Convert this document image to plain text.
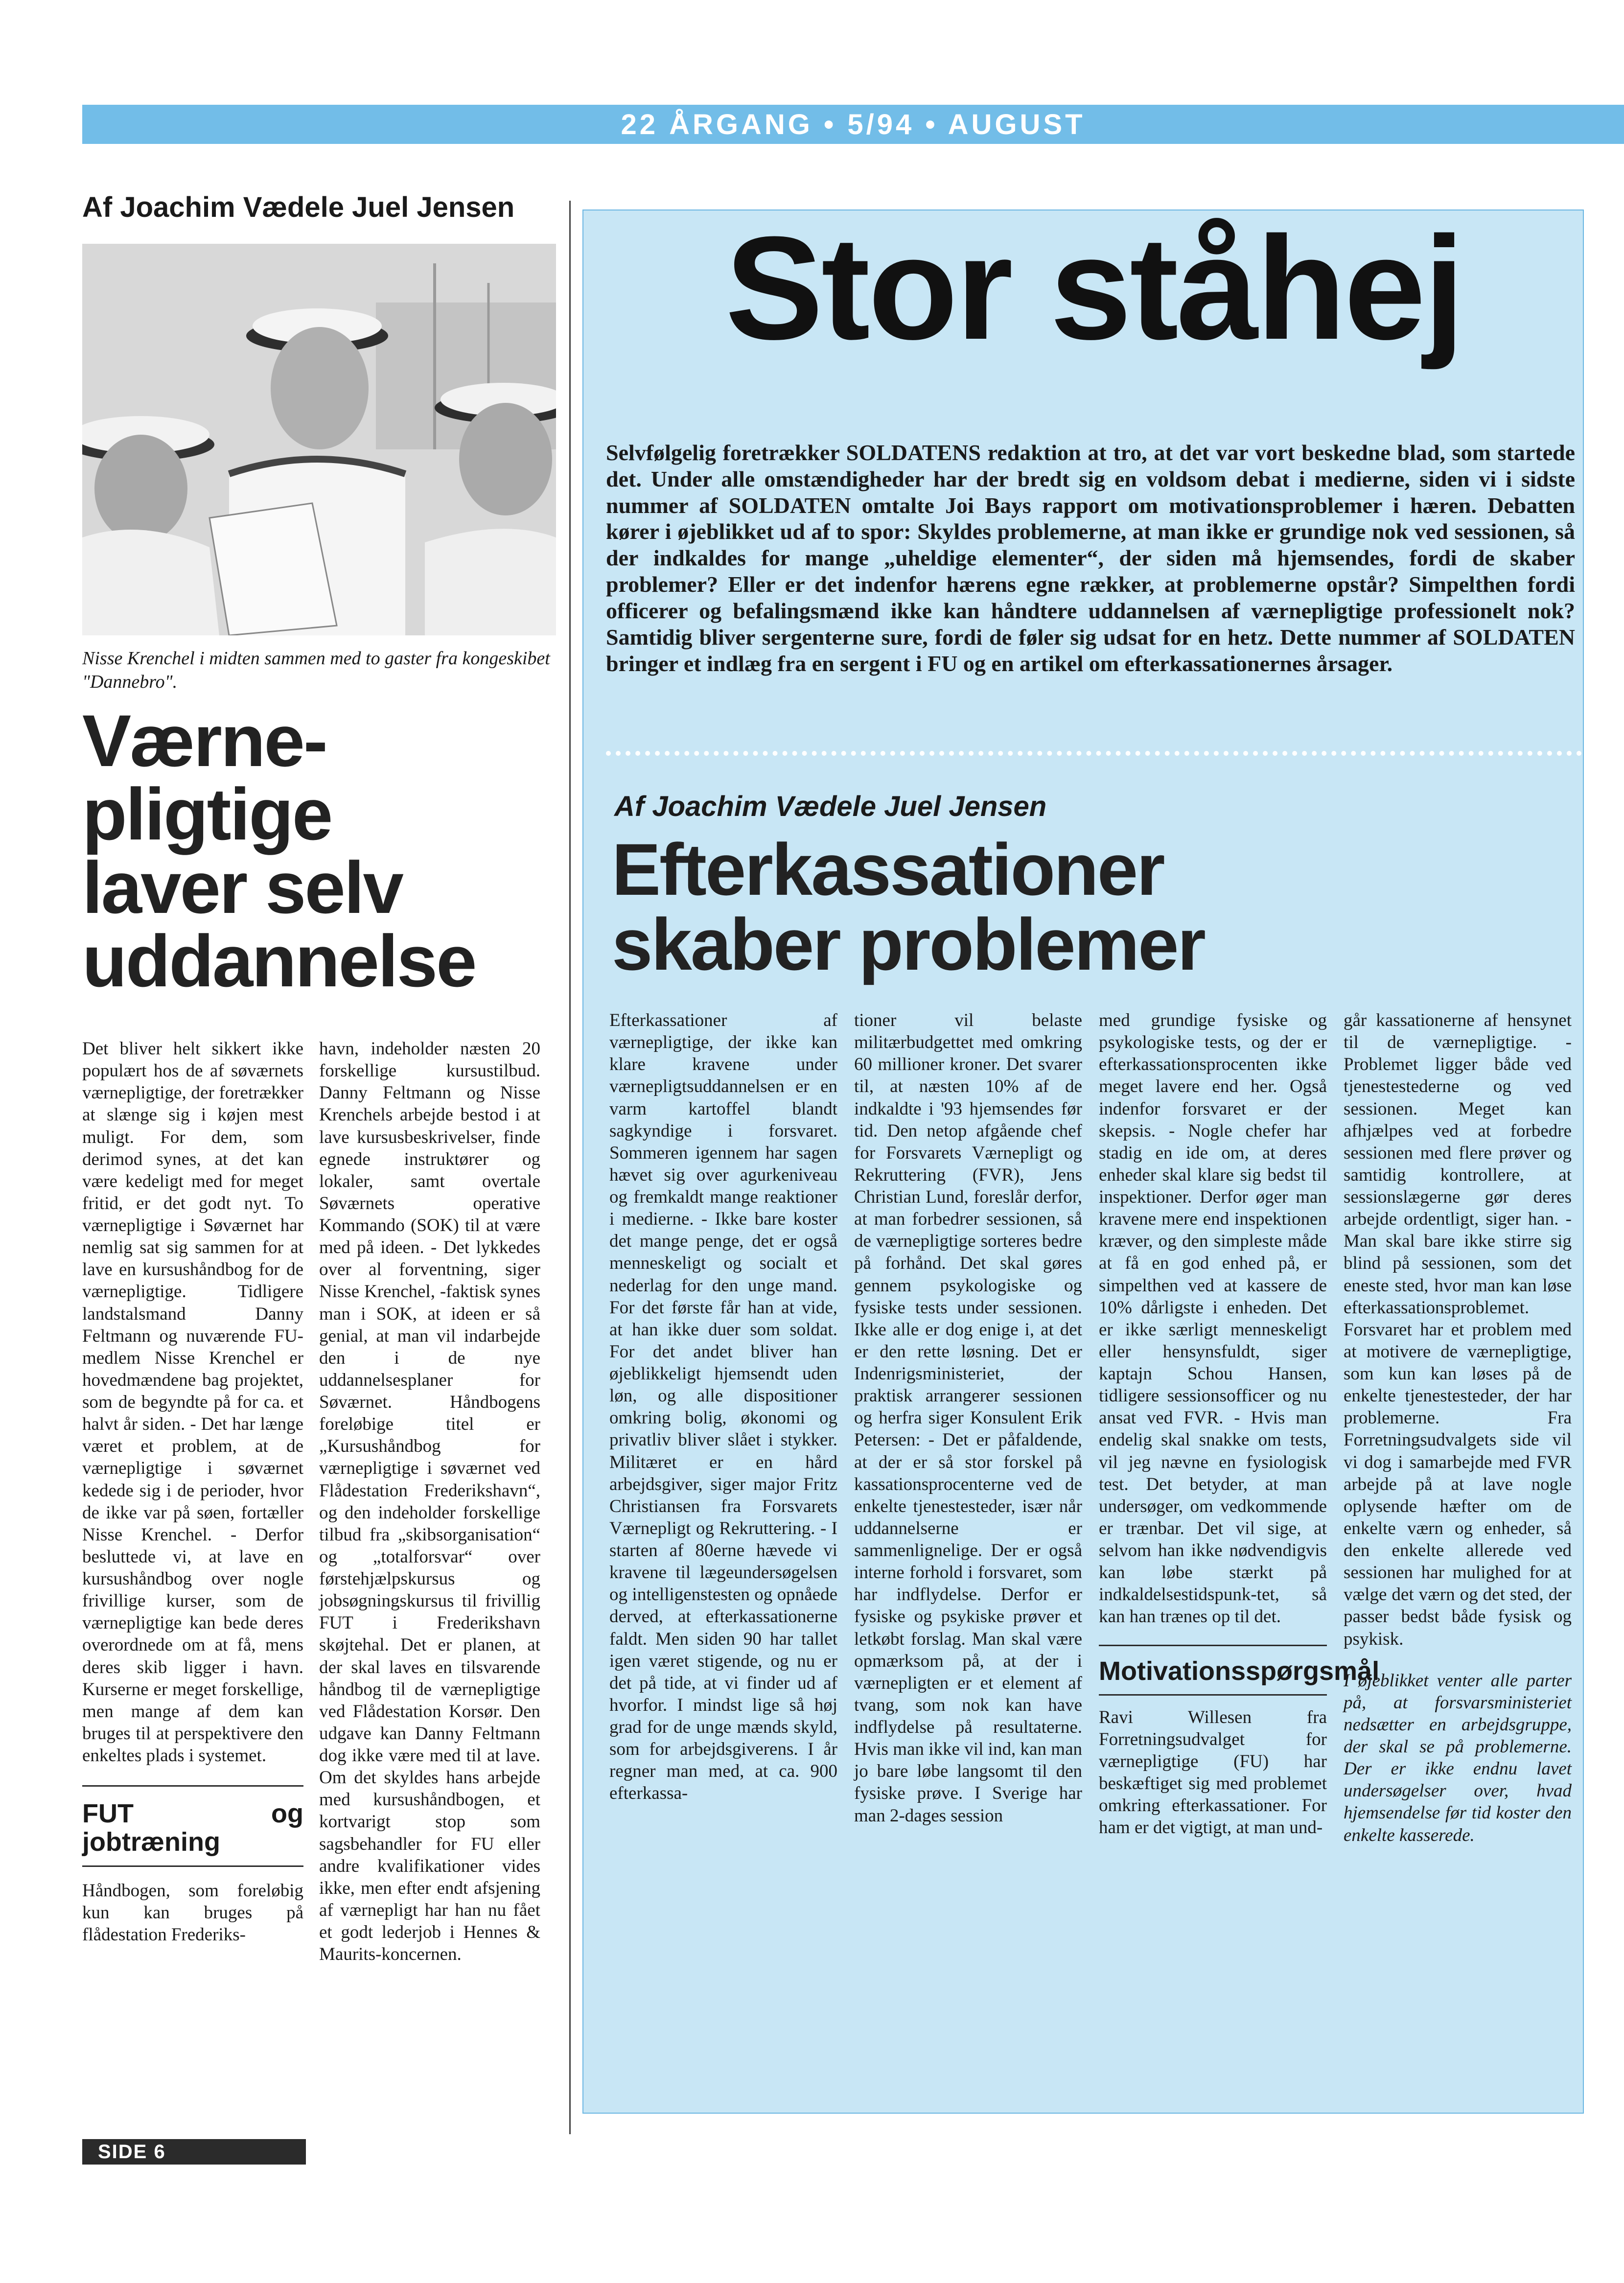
22 ÅRGANG • 5/94 • AUGUST
Af Joachim Vædele Juel Jensen
Nisse Krenchel i midten sammen med to gaster fra kongeskibet "Dannebro".
Værne-
pligtige
laver selv
uddannelse

Det bliver helt sikkert ikke populært hos de af søværnets værnepligtige, der foretrækker at slænge sig i køjen mest muligt. For dem, som derimod synes, at det kan være kedeligt med for meget fritid, er det godt nyt. To værnepligtige i Søværnet har nemlig sat sig sammen for at lave en kursushåndbog for de værnepligtige. Tidligere landstalsmand Danny Feltmann og nuværende FU-medlem Nisse Krenchel er hovedmændene bag projektet, som de begyndte på for ca. et halvt år siden. - Det har længe været et problem, at de værnepligtige i søværnet kedede sig i de perioder, hvor de ikke var på søen, fortæller Nisse Krenchel. - Derfor besluttede vi, at lave en kursushåndbog over nogle frivillige kurser, som de værnepligtige kan bede deres overordnede om at få, mens deres skib ligger i havn. Kurserne er meget forskellige, men mange af dem kan bruges til at perspektivere den enkeltes plads i systemet.

FUT og jobtræning

Håndbogen, som foreløbig kun kan bruges på flådestation Frederiks-

havn, indeholder næsten 20 forskellige kursustilbud. Danny Feltmann og Nisse Krenchels arbejde bestod i at lave kursusbeskrivelser, finde egnede instruktører og lokaler, samt overtale Søværnets operative Kommando (SOK) til at være med på ideen. - Det lykkedes over al forventning, siger Nisse Krenchel, -faktisk synes man i SOK, at ideen er så genial, at man vil indarbejde den i de nye uddannelsesplaner for Søværnet. Håndbogens foreløbige titel er „Kursushåndbog for værnepligtige i søværnet ved Flådestation Frederikshavn“, og den indeholder forskellige tilbud fra „skibsorganisation“ og „totalforsvar“ over førstehjælpskursus og jobsøgningskursus til frivillig FUT i Frederikshavn skøjtehal. Det er planen, at der skal laves en tilsvarende håndbog til de værnepligtige ved Flådestation Korsør. Den udgave kan Danny Feltmann dog ikke være med til at lave. Om det skyldes hans arbejde med kursushåndbogen, et kortvarigt stop som sagsbehandler for FU eller andre kvalifikationer vides ikke, men efter endt afsjening af værnepligt har han nu fået et godt lederjob i Hennes & Maurits-koncernen.

Stor ståhej
Selvfølgelig foretrækker SOLDATENS redaktion at tro, at det var vort beskedne blad, som startede det. Under alle omstændigheder har der bredt sig en voldsom debat i medierne, siden vi i sidste nummer af SOLDATEN omtalte Joi Bays rapport om motivationsproblemer i hæren. Debatten kører i øjeblikket ud af to spor: Skyldes problemerne, at man ikke er grundige nok ved sessionen, så der indkaldes for mange „uheldige elementer“, der siden må hjemsendes, fordi de skaber problemer? Eller er det indenfor hærens egne rækker, at problemerne opstår? Simpelthen fordi officerer og befalingsmænd ikke kan håndtere uddannelsen af værnepligtige professionelt nok? Samtidig bliver sergenterne sure, fordi de føler sig udsat for en hetz. Dette nummer af SOLDATEN bringer et indlæg fra en sergent i FU og en artikel om efterkassationernes årsager.
Af Joachim Vædele Juel Jensen
Efterkassationer
skaber problemer

Efterkassationer af værnepligtige, der ikke kan klare kravene under værnepligtsuddannelsen er en varm kartoffel blandt sagkyndige i forsvaret. Sommeren igennem har sagen hævet sig over agurkeniveau og fremkaldt mange reaktioner i medierne. - Ikke bare koster det mange penge, det er også menneskeligt og socialt et nederlag for den unge mand. For det første får han at vide, at han ikke duer som soldat. For det andet bliver han øjeblikkeligt hjemsendt uden løn, og alle dispositioner omkring bolig, økonomi og privatliv bliver slået i stykker. Militæret er en hård arbejdsgiver, siger major Fritz Christiansen fra Forsvarets Værnepligt og Rekruttering. - I starten af 80erne hævede vi kravene til lægeundersøgelsen og intelligenstesten og opnåede derved, at efterkassationerne faldt. Men siden 90 har tallet igen været stigende, og nu er det på tide, at vi finder ud af hvorfor. I mindst lige så høj grad for de unge mænds skyld, som for arbejdsgiverens. I år regner man med, at ca. 900 efterkassa-

tioner vil belaste militærbudgettet med omkring 60 millioner kroner. Det svarer til, at næsten 10% af de indkaldte i '93 hjemsendes før tid. Den netop afgående chef for Forsvarets Værnepligt og Rekruttering (FVR), Jens Christian Lund, foreslår derfor, at man forbedrer sessionen, så de værnepligtige sorteres bedre på forhånd. Det skal gøres gennem psykologiske og fysiske tests under sessionen. Ikke alle er dog enige i, at det er den rette løsning. Det er Indenrigsministeriet, der praktisk arrangerer sessionen og herfra siger Konsulent Erik Petersen: - Det er påfaldende, at der er så stor forskel på kassationsprocenterne ved de enkelte tjenestesteder, især når uddannelserne er sammenlignelige. Der er også interne forhold i forsvaret, som har indflydelse. Derfor er fysiske og psykiske prøver et letkøbt forslag. Man skal være opmærksom på, at der i værnepligten er et element af tvang, som nok kan have indflydelse på resultaterne. Hvis man ikke vil ind, kan man jo bare løbe langsomt til den fysiske prøve. I Sverige har man 2-dages session

med grundige fysiske og psykologiske tests, og der er efterkassationsprocenten ikke meget lavere end her. Også indenfor forsvaret er der skepsis. - Nogle chefer har stadig en ide om, at deres enheder skal klare sig bedst til inspektioner. Derfor øger man kravene mere end inspektionen kræver, og den simpleste måde at få en god enhed på, er simpelthen ved at kassere de 10% dårligste i enheden. Det er ikke særligt menneskeligt eller hensynsfuldt, siger kaptajn Schou Hansen, tidligere sessionsofficer og nu ansat ved FVR. - Hvis man endelig skal snakke om tests, vil jeg nævne en fysiologisk test. Det betyder, at man undersøger, om vedkommende er trænbar. Det vil sige, at selvom han ikke nødvendigvis kan løbe stærkt på indkaldelsestidspunk-tet, så kan han trænes op til det.

Motivationsspørgsmål

Ravi Willesen fra Forretningsudvalget for værnepligtige (FU) har beskæftiget sig med problemet omkring efterkassationer. For ham er det vigtigt, at man und-

går kassationerne af hensynet til de værnepligtige. - Problemet ligger både ved tjenestestederne og ved sessionen. Meget kan afhjælpes ved at forbedre sessionen med flere prøver og samtidig kontrollere, at sessionslægerne gør deres arbejde ordentligt, siger han. - Man skal bare ikke stirre sig blind på sessionen, som det eneste sted, hvor man kan løse efterkassationsproblemet. Forsvaret har et problem med at motivere de værnepligtige, som kun kan løses på de enkelte tjenestesteder, der har problemerne. Fra Forretningsudvalgets side vil vi dog i samarbejde med FVR arbejde på at lave nogle oplysende hæfter om de enkelte værn og enheder, så den enkelte allerede ved sessionen har mulighed for at vælge det værn og det sted, der passer bedst både fysisk og psykisk.

I øjeblikket venter alle parter på, at forsvarsministeriet nedsætter en arbejdsgruppe, der skal se på problemerne. Der er ikke endnu lavet undersøgelser over, hvad hjemsendelse før tid koster den enkelte kasserede.

SIDE 6
